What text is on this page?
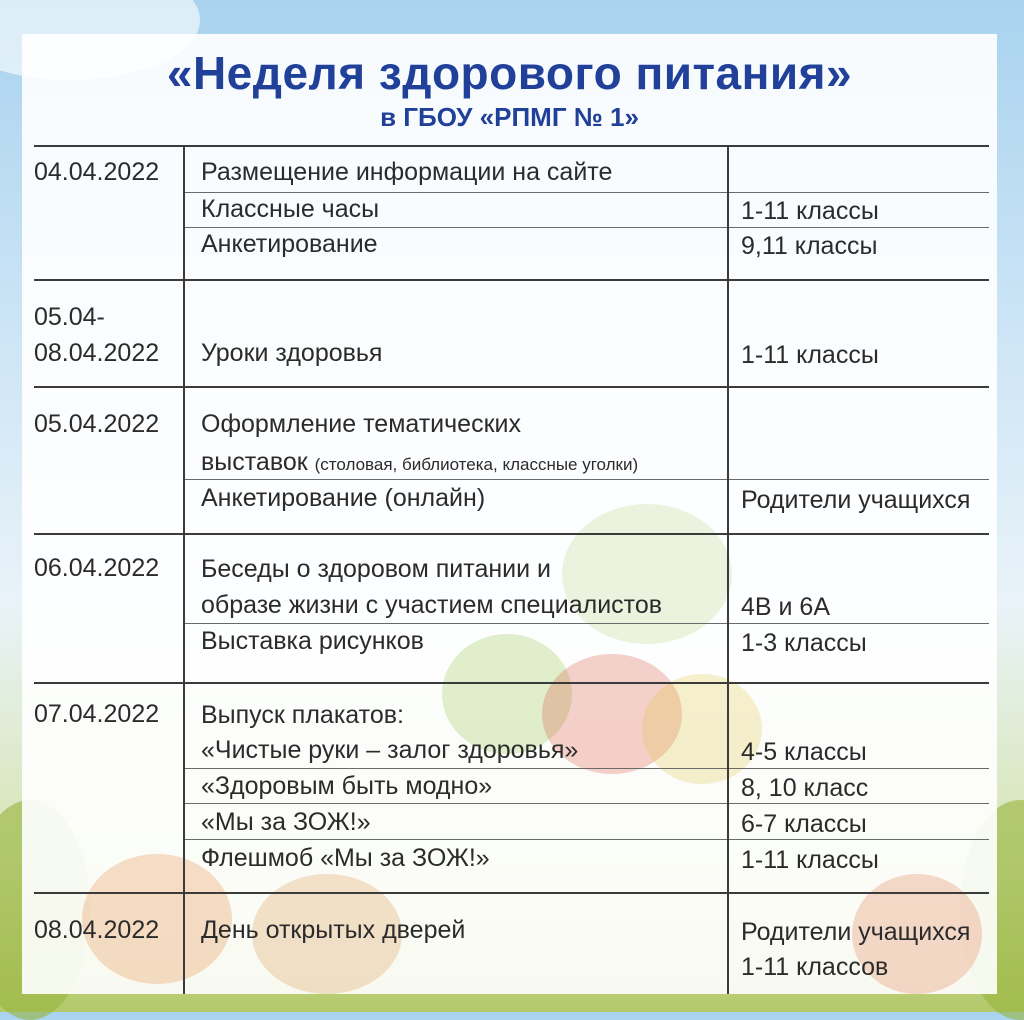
«Неделя здорового питания»
в ГБОУ «РПМГ № 1»
04.04.2022 Размещение информации на сайте
Классные часы	1-11 классы
Анкетирование	9,11 классы
05.04-
08.04.2022 Уроки здоровья	1-11 классы
05.04.2022 Оформление тематических
выставок (столовая, библиотека, классные уголки)
Анкетирование (онлайн)	Родители учащихся
06.04.2022 Беседы о здоровом питании и
образе жизни с участием специалистов	4В и 6А
Выставка рисунков	1-3 классы
07.04.2022 Выпуск плакатов:
«Чистые руки – залог здоровья»	4-5 классы
«Здоровым быть модно»	8, 10 класс
«Мы за ЗОЖ!»	6-7 классы
Флешмоб «Мы за ЗОЖ!»	1-11 классы
08.04.2022 День открытых дверей	Родители учащихся
1-11 классов
